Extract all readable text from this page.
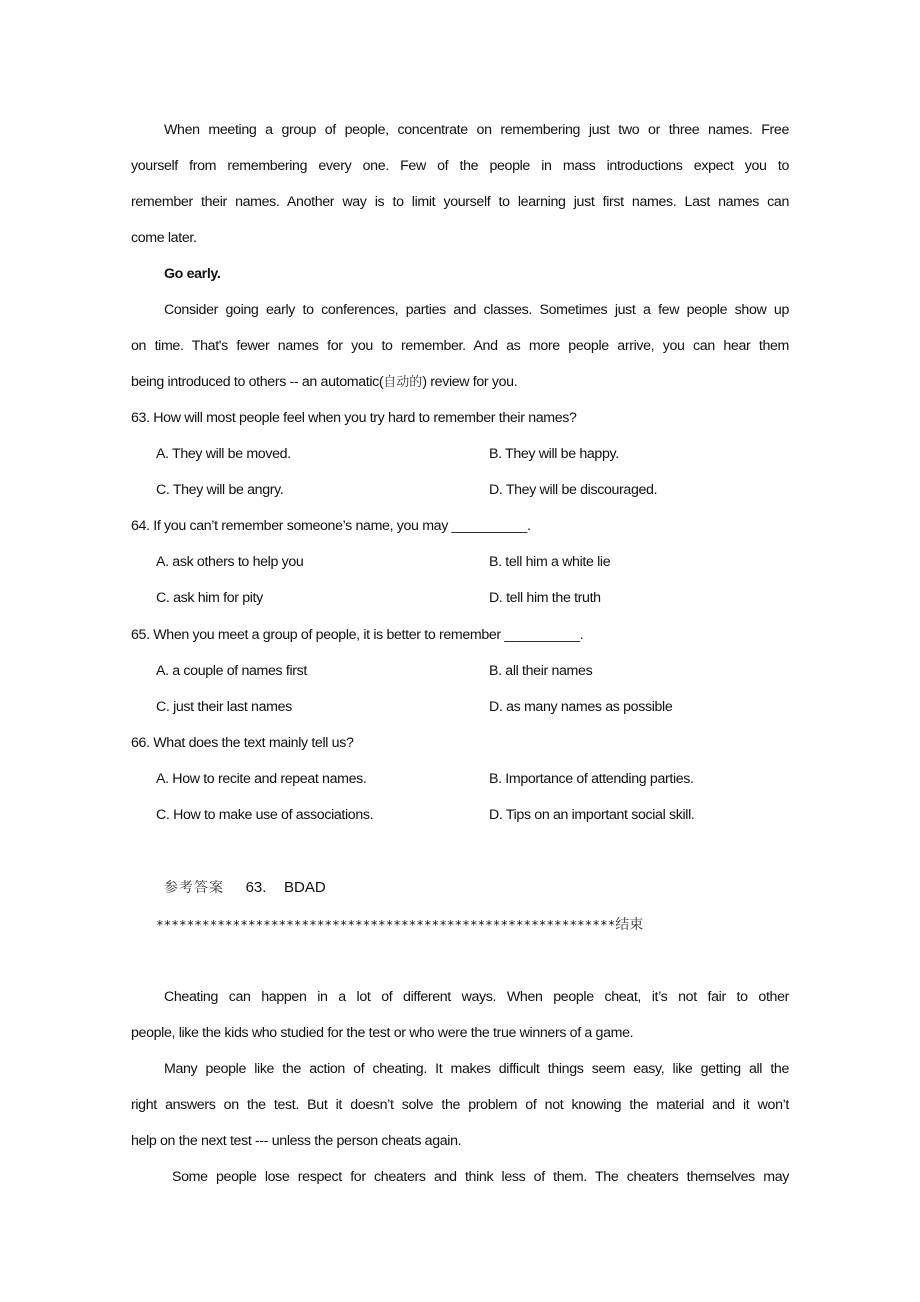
When meeting a group of people, concentrate on remembering just two or three names. Free
yourself from remembering every one. Few of the people in mass introductions expect you to
remember their names. Another way is to limit yourself to learning just first names. Last names can
come later.
Go early.
Consider going early to conferences, parties and classes. Sometimes just a few people show up
on time. That's fewer names for you to remember. And as more people arrive, you can hear them
being introduced to others -- an automatic(自动的) review for you.
63. How will most people feel when you try hard to remember their names?
A. They will be moved.	B. They will be happy.
C. They will be angry.	D. They will be discouraged.
64. If you can’t remember someone’s name, you may __________.
A. ask others to help you	B. tell him a white lie
C. ask him for pity	D. tell him the truth
65. When you meet a group of people, it is better to remember __________.
A. a couple of names first	B. all their names
C. just their last names	D. as many names as possible
66. What does the text mainly tell us?
A. How to recite and repeat names.	B. Importance of attending parties.
C. How to make use of associations.	D. Tips on an important social skill.
参考答案 63. BDAD
************************************************************结束
Cheating can happen in a lot of different ways. When people cheat, it’s not fair to other
people, like the kids who studied for the test or who were the true winners of a game.
Many people like the action of cheating. It makes difficult things seem easy, like getting all the
right answers on the test. But it doesn’t solve the problem of not knowing the material and it won’t
help on the next test --- unless the person cheats again.
Some people lose respect for cheaters and think less of them. The cheaters themselves may
